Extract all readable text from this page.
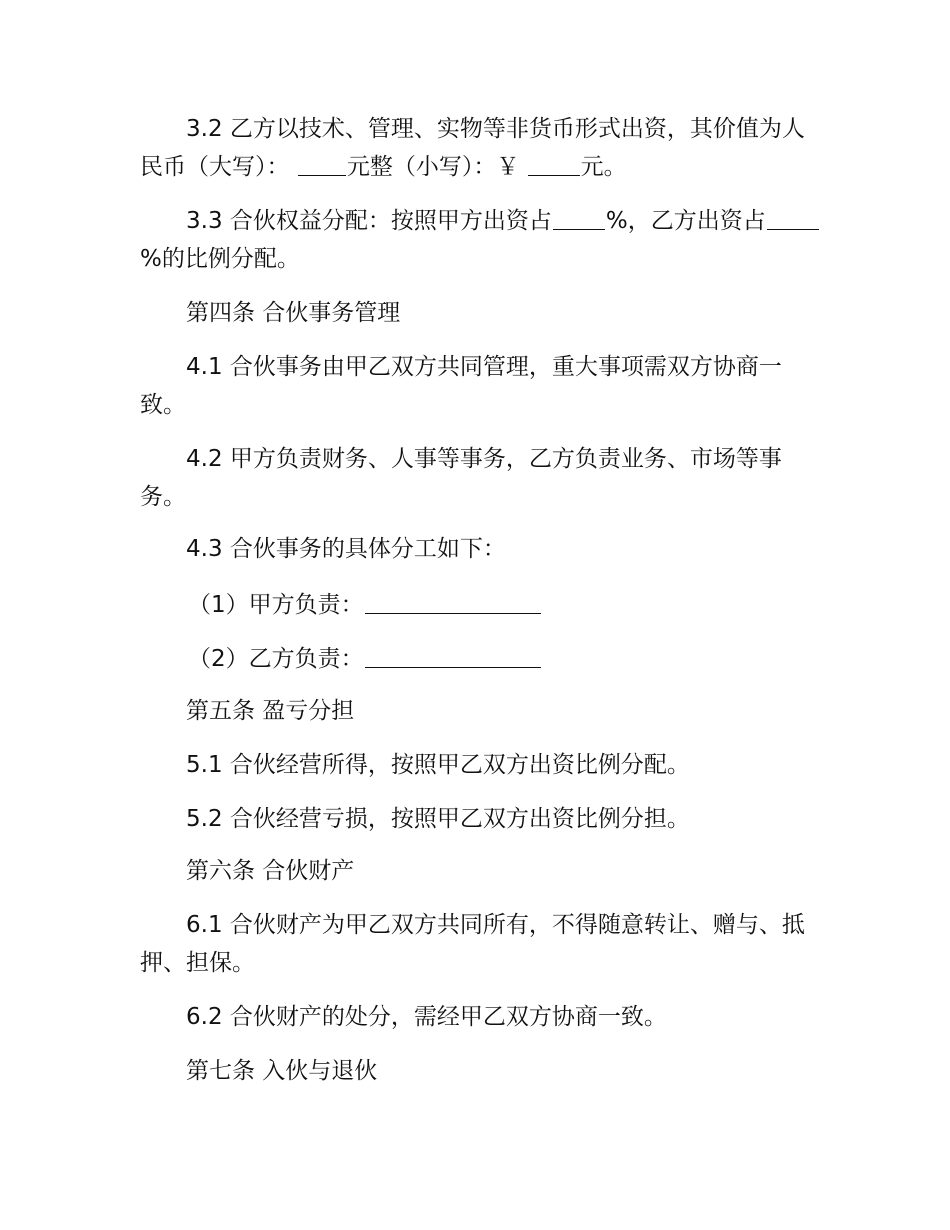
3.2 乙方以技术、管理、实物等非货币形式出资，其价值为人民币（大写）： 元整（小写）：￥	元。

3.3 合伙权益分配：按照甲方出资占 %，乙方出资占%的比例分配。

第四条 合伙事务管理

4.1 合伙事务由甲乙双方共同管理，重大事项需双方协商一致。

4.2 甲方负责财务、人事等事务，乙方负责业务、市场等事务。

4.3 合伙事务的具体分工如下：

（1）甲方负责：

（2）乙方负责：

第五条 盈亏分担

5.1 合伙经营所得，按照甲乙双方出资比例分配。

5.2 合伙经营亏损，按照甲乙双方出资比例分担。

第六条 合伙财产

6.1 合伙财产为甲乙双方共同所有，不得随意转让、赠与、抵押、担保。

6.2 合伙财产的处分，需经甲乙双方协商一致。

第七条 入伙与退伙
